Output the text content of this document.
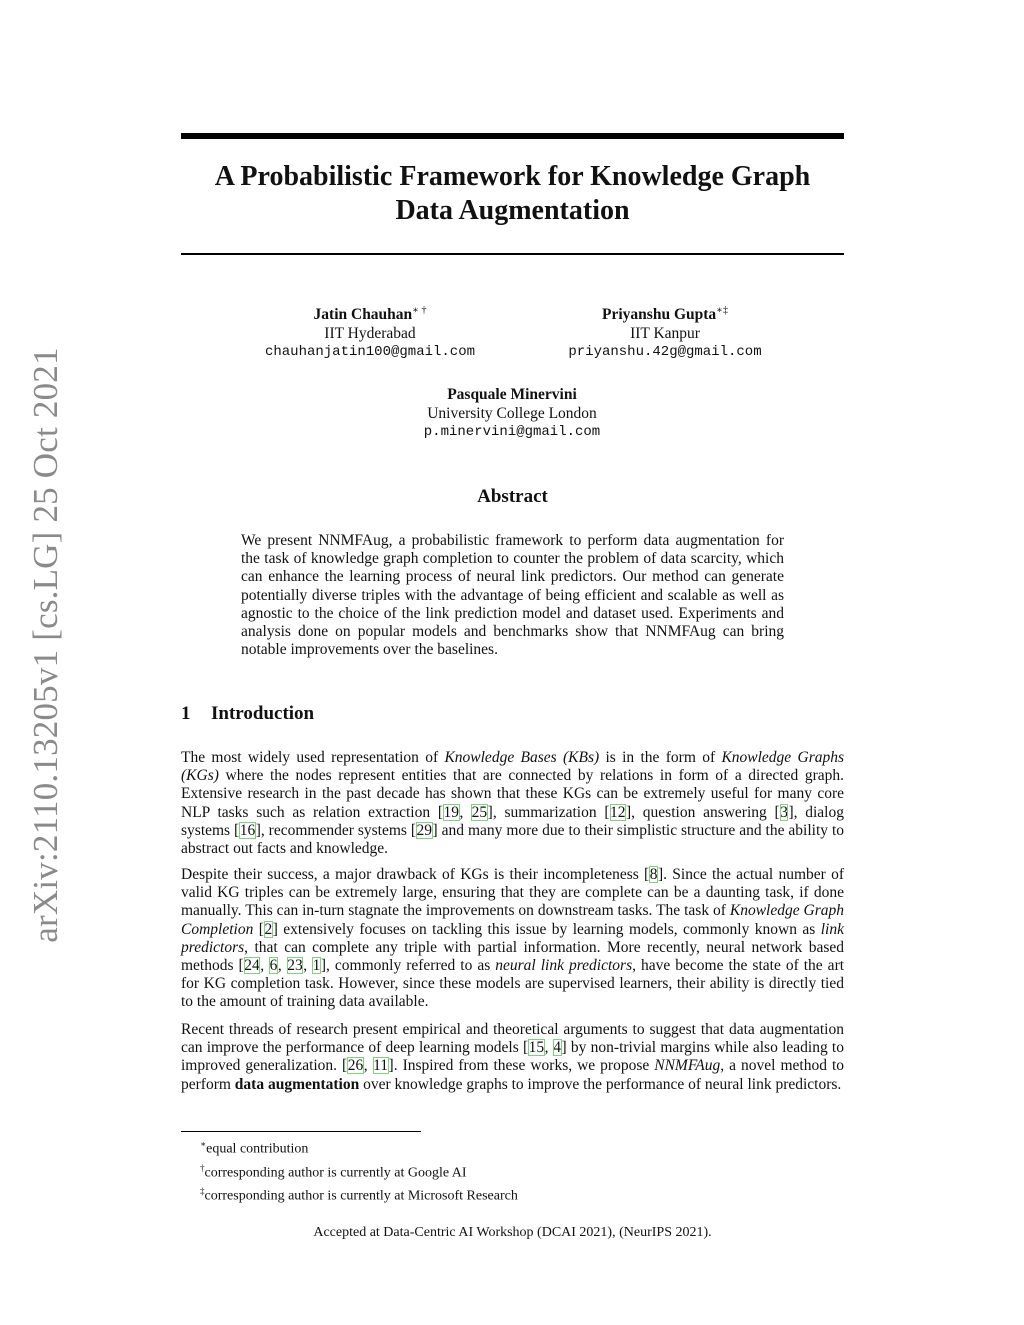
arXiv:2110.13205v1 [cs.LG] 25 Oct 2021
A Probabilistic Framework for Knowledge Graph
Data Augmentation
Jatin Chauhan∗ †
IIT Hyderabad
chauhanjatin100@gmail.com
Priyanshu Gupta∗‡
IIT Kanpur
priyanshu.42g@gmail.com
Pasquale Minervini
University College London
p.minervini@gmail.com
Abstract
We present NNMFAug, a probabilistic framework to perform data augmentation for the task of knowledge graph completion to counter the problem of data scarcity, which can enhance the learning process of neural link predictors. Our method can generate potentially diverse triples with the advantage of being efficient and scalable as well as agnostic to the choice of the link prediction model and dataset used. Experiments and analysis done on popular models and benchmarks show that NNMFAug can bring notable improvements over the baselines.
1 Introduction

The most widely used representation of Knowledge Bases (KBs) is in the form of Knowledge Graphs (KGs) where the nodes represent entities that are connected by relations in form of a directed graph. Extensive research in the past decade has shown that these KGs can be extremely useful for many core NLP tasks such as relation extraction [19, 25], summarization [12], question answering [3], dialog systems [16], recommender systems [29] and many more due to their simplistic structure and the ability to abstract out facts and knowledge.

Despite their success, a major drawback of KGs is their incompleteness [8]. Since the actual number of valid KG triples can be extremely large, ensuring that they are complete can be a daunting task, if done manually. This can in-turn stagnate the improvements on downstream tasks. The task of Knowledge Graph Completion [2] extensively focuses on tackling this issue by learning models, commonly known as link predictors, that can complete any triple with partial information. More recently, neural network based methods [24, 6, 23, 1], commonly referred to as neural link predictors, have become the state of the art for KG completion task. However, since these models are supervised learners, their ability is directly tied to the amount of training data available.

Recent threads of research present empirical and theoretical arguments to suggest that data augmentation can improve the performance of deep learning models [15, 4] by non-trivial margins while also leading to improved generalization. [26, 11]. Inspired from these works, we propose NNMFAug, a novel method to perform data augmentation over knowledge graphs to improve the performance of neural link predictors.

∗equal contribution
†corresponding author is currently at Google AI
‡corresponding author is currently at Microsoft Research
Accepted at Data-Centric AI Workshop (DCAI 2021), (NeurIPS 2021).
